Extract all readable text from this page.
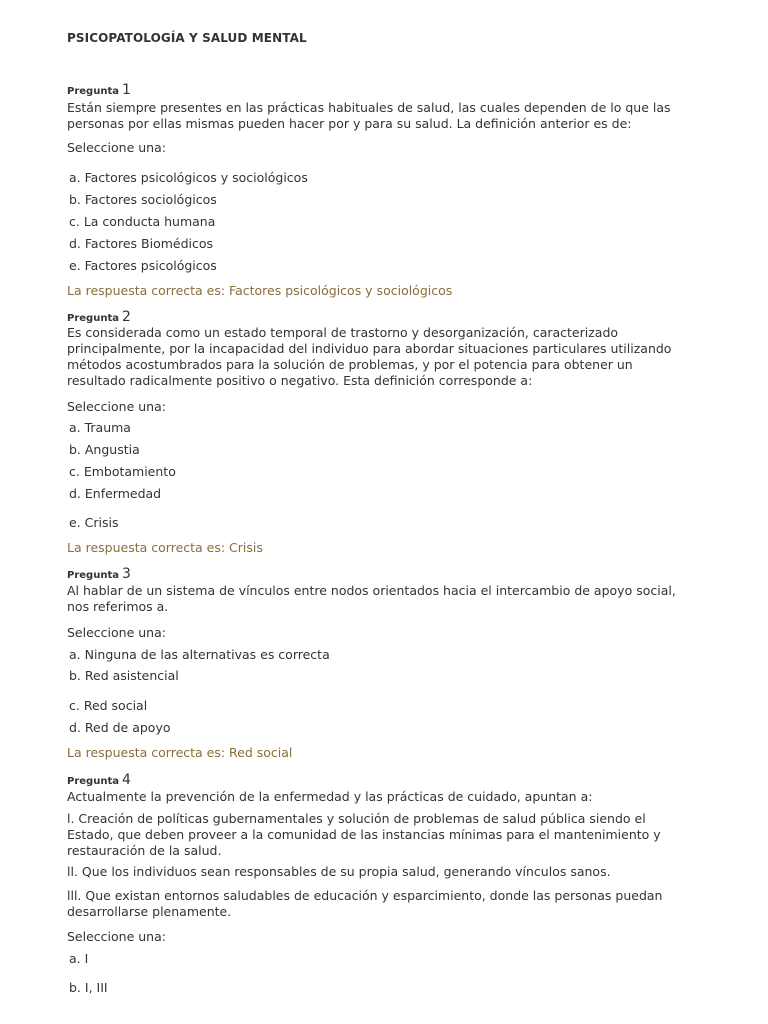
PSICOPATOLOGÍA Y SALUD MENTAL
Pregunta 1

Están siempre presentes en las prácticas habituales de salud, las cuales dependen de lo que las personas por ellas mismas pueden hacer por y para su salud. La definición anterior es de:

Seleccione una:
a. Factores psicológicos y sociológicos
b. Factores sociológicos
c. La conducta humana
d. Factores Biomédicos
e. Factores psicológicos
La respuesta correcta es: Factores psicológicos y sociológicos
Pregunta 2

Es considerada como un estado temporal de trastorno y desorganización, caracterizado principalmente, por la incapacidad del individuo para abordar situaciones particulares utilizando métodos acostumbrados para la solución de problemas, y por el potencia para obtener un resultado radicalmente positivo o negativo. Esta definición corresponde a:

Seleccione una:
a. Trauma
b. Angustia
c. Embotamiento
d. Enfermedad
e. Crisis
La respuesta correcta es: Crisis
Pregunta 3

Al hablar de un sistema de vínculos entre nodos orientados hacia el intercambio de apoyo social, nos referimos a.

Seleccione una:
a. Ninguna de las alternativas es correcta
b. Red asistencial
c. Red social
d. Red de apoyo
La respuesta correcta es: Red social
Pregunta 4

Actualmente la prevención de la enfermedad y las prácticas de cuidado, apuntan a:

l. Creación de políticas gubernamentales y solución de problemas de salud pública siendo el Estado, que deben proveer a la comunidad de las instancias mínimas para el mantenimiento y restauración de la salud.

ll. Que los individuos sean responsables de su propia salud, generando vínculos sanos.

lll. Que existan entornos saludables de educación y esparcimiento, donde las personas puedan desarrollarse plenamente.

Seleccione una:
a. I
b. I, III
